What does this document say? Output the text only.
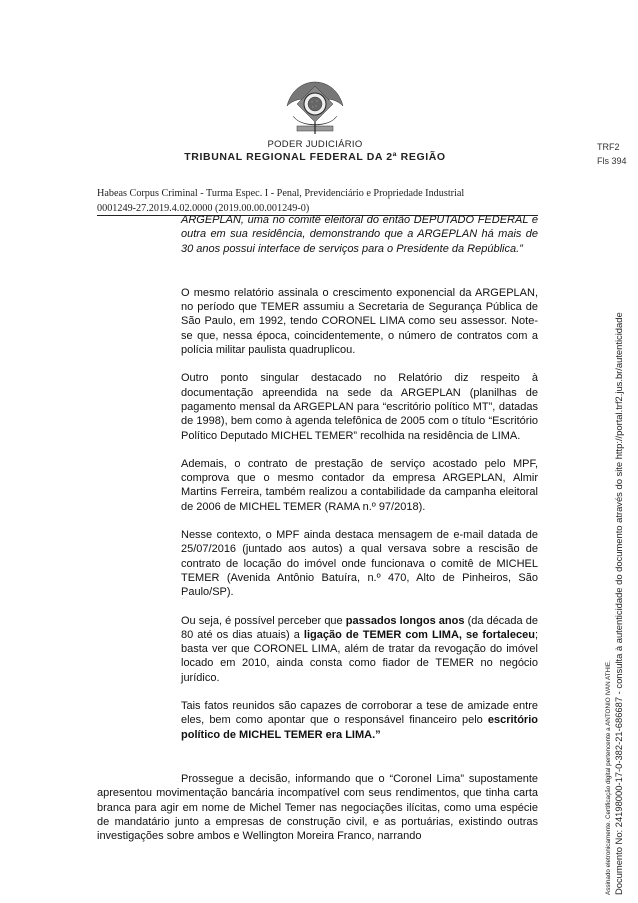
PODER JUDICIÁRIO
TRIBUNAL REGIONAL FEDERAL DA 2ª REGIÃO
TRF2
Fls 394
Habeas Corpus Criminal - Turma Espec. I - Penal, Previdenciário e Propriedade Industrial
0001249-27.2019.4.02.0000 (2019.00.00.001249-0)

ARGEPLAN, uma no comitê eleitoral do então DEPUTADO FEDERAL e outra em sua residência, demonstrando que a ARGEPLAN há mais de 30 anos possui interface de serviços para o Presidente da República.”

O mesmo relatório assinala o crescimento exponencial da ARGEPLAN, no período que TEMER assumiu a Secretaria de Segurança Pública de São Paulo, em 1992, tendo CORONEL LIMA como seu assessor. Note-se que, nessa época, coincidentemente, o número de contratos com a polícia militar paulista quadruplicou.

Outro ponto singular destacado no Relatório diz respeito à documentação apreendida na sede da ARGEPLAN (planilhas de pagamento mensal da ARGEPLAN para “escritório político MT”, datadas de 1998), bem como à agenda telefônica de 2005 com o título “Escritório Político Deputado MICHEL TEMER” recolhida na residência de LIMA.

Ademais, o contrato de prestação de serviço acostado pelo MPF, comprova que o mesmo contador da empresa ARGEPLAN, Almir Martins Ferreira, também realizou a contabilidade da campanha eleitoral de 2006 de MICHEL TEMER (RAMA n.º 97/2018).

Nesse contexto, o MPF ainda destaca mensagem de e-mail datada de 25/07/2016 (juntado aos autos) a qual versava sobre a rescisão de contrato de locação do imóvel onde funcionava o comitê de MICHEL TEMER (Avenida Antônio Batuíra, n.º 470, Alto de Pinheiros, São Paulo/SP).

Ou seja, é possível perceber que passados longos anos (da década de 80 até os dias atuais) a ligação de TEMER com LIMA, se fortaleceu; basta ver que CORONEL LIMA, além de tratar da revogação do imóvel locado em 2010, ainda consta como fiador de TEMER no negócio jurídico.

Tais fatos reunidos são capazes de corroborar a tese de amizade entre eles, bem como apontar que o responsável financeiro pelo escritório político de MICHEL TEMER era LIMA.”

Prossegue a decisão, informando que o “Coronel Lima” supostamente apresentou movimentação bancária incompatível com seus rendimentos, que tinha carta branca para agir em nome de Michel Temer nas negociações ilícitas, como uma espécie de mandatário junto a empresas de construção civil, e as portuárias, existindo outras investigações sobre ambos e Wellington Moreira Franco, narrando	Assinado eletronicamente. Certificação digital pertencente a ANTONIO IVAN ATHIE. Documento No: 24198000-17-0-382-21-686687 - consulta à autenticidade do documento através do site http://portal.trf2.jus.br/autenticidade
